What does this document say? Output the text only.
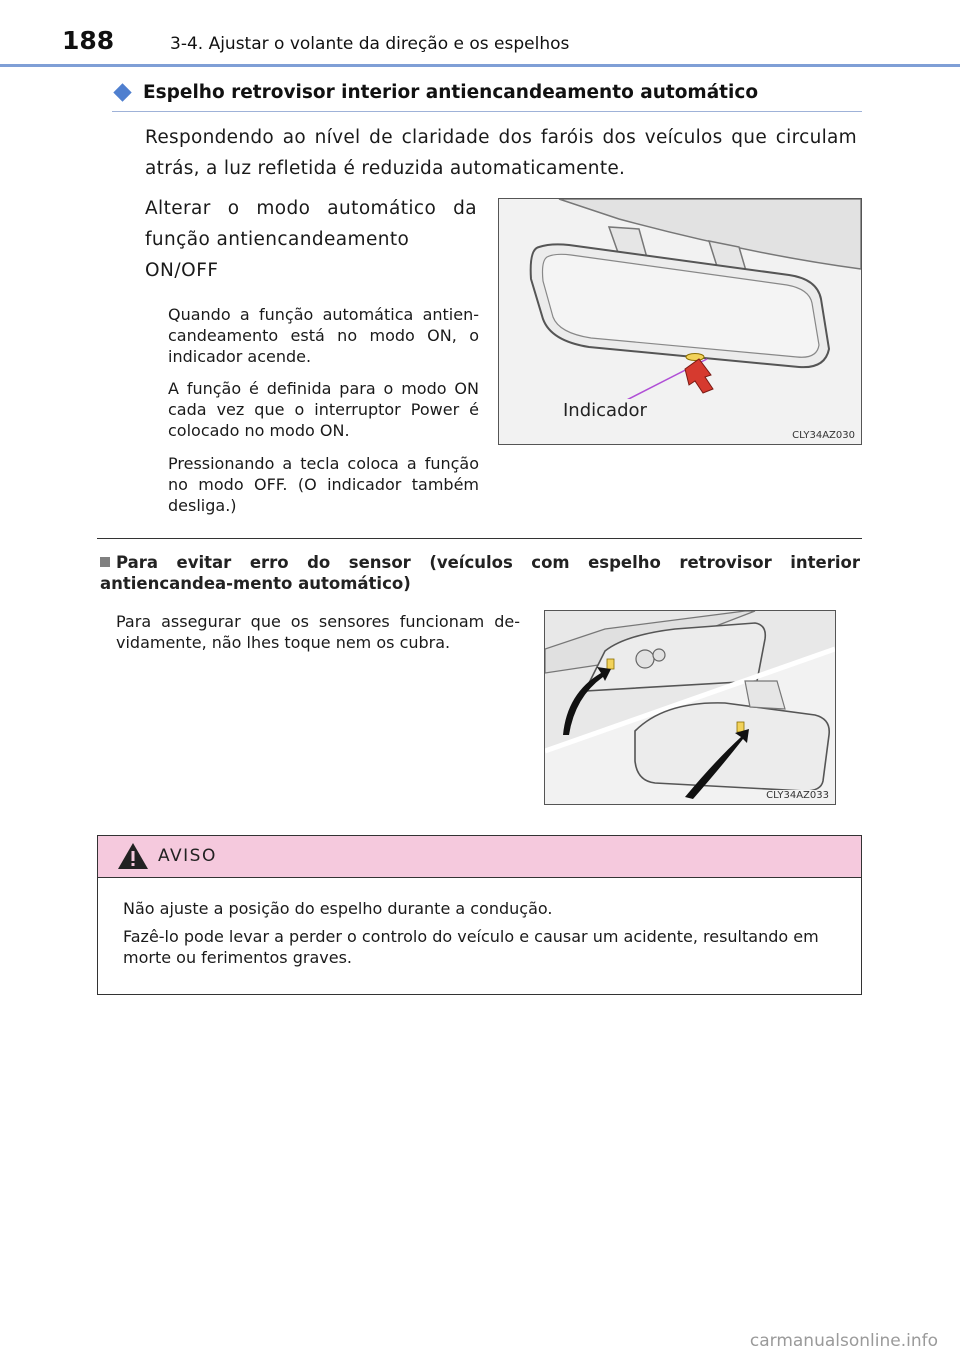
188	3-4. Ajustar o volante da direção e os espelhos
Espelho retrovisor interior antiencandeamento automático

Respondendo ao nível de claridade dos faróis dos veículos que circulam atrás, a luz refletida é reduzida automaticamente.

Alterar o modo automático da função antiencandeamento

ON/OFF

Quando a função automática antien-candeamento está no modo ON, o indicador acende.

A função é definida para o modo ON cada vez que o interruptor Power é colocado no modo ON.

Pressionando a tecla coloca a função no modo OFF. (O indicador também desliga.)

Indicador
CLY34AZ030

Para evitar erro do sensor (veículos com espelho retrovisor interior antiencandea-mento automático)

Para assegurar que os sensores funcionam de-vidamente, não lhes toque nem os cubra.

CLY34AZ033
AVISO

Não ajuste a posição do espelho durante a condução.

Fazê-lo pode levar a perder o controlo do veículo e causar um acidente, resultando em morte ou ferimentos graves.

carmanualsonline.info
